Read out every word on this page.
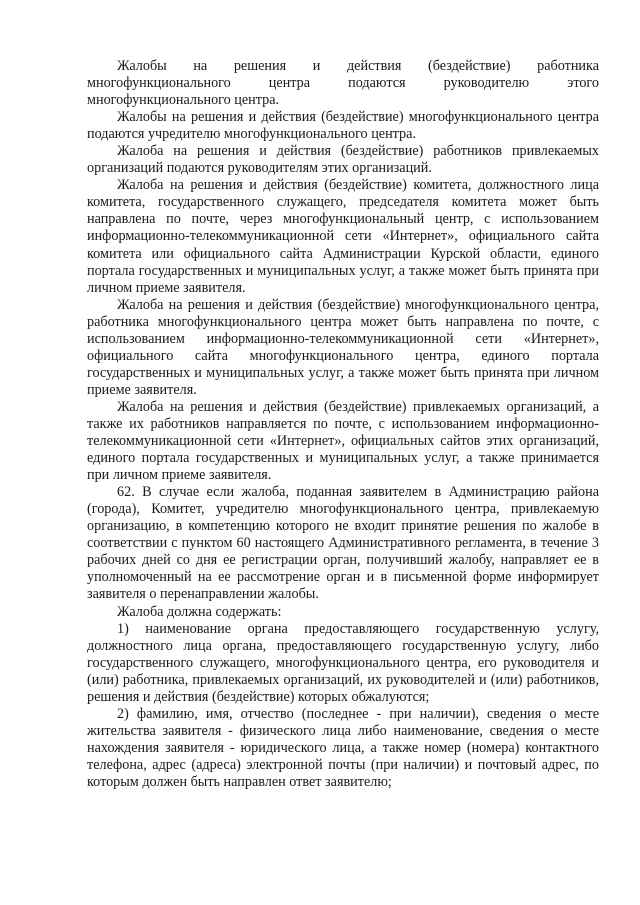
Жалобы на решения и действия (бездействие) работника многофункционального центра подаются руководителю этого многофункционального центра.

Жалобы на решения и действия (бездействие) многофункционального центра подаются учредителю многофункционального центра.

Жалоба на решения и действия (бездействие) работников привлекаемых организаций подаются руководителям этих организаций.

Жалоба на решения и действия (бездействие) комитета, должностного лица комитета, государственного служащего, председателя комитета может быть направлена по почте, через многофункциональный центр, с использованием информационно-телекоммуникационной сети «Интернет», официального сайта комитета или официального сайта Администрации Курской области, единого портала государственных и муниципальных услуг, а также может быть принята при личном приеме заявителя.

Жалоба на решения и действия (бездействие) многофункционального центра, работника многофункционального центра может быть направлена по почте, с использованием информационно-телекоммуникационной сети «Интернет», официального сайта многофункционального центра, единого портала государственных и муниципальных услуг, а также может быть принята при личном приеме заявителя.

Жалоба на решения и действия (бездействие) привлекаемых организаций, а также их работников направляется по почте, с использованием информационно-телекоммуникационной сети «Интернет», официальных сайтов этих организаций, единого портала государственных и муниципальных услуг, а также принимается при личном приеме заявителя.

62. В случае если жалоба, поданная заявителем в Администрацию района (города), Комитет, учредителю многофункционального центра, привлекаемую организацию, в компетенцию которого не входит принятие решения по жалобе в соответствии с пунктом 60 настоящего Административного регламента, в течение 3 рабочих дней со дня ее регистрации орган, получивший жалобу, направляет ее в уполномоченный на ее рассмотрение орган и в письменной форме информирует заявителя о перенаправлении жалобы.

Жалоба должна содержать:

1) наименование органа предоставляющего государственную услугу, должностного лица органа, предоставляющего государственную услугу, либо государственного служащего, многофункционального центра, его руководителя и (или) работника, привлекаемых организаций, их руководителей и (или) работников, решения и действия (бездействие) которых обжалуются;

2) фамилию, имя, отчество (последнее - при наличии), сведения о месте жительства заявителя - физического лица либо наименование, сведения о месте нахождения заявителя - юридического лица, а также номер (номера) контактного телефона, адрес (адреса) электронной почты (при наличии) и почтовый адрес, по которым должен быть направлен ответ заявителю;
